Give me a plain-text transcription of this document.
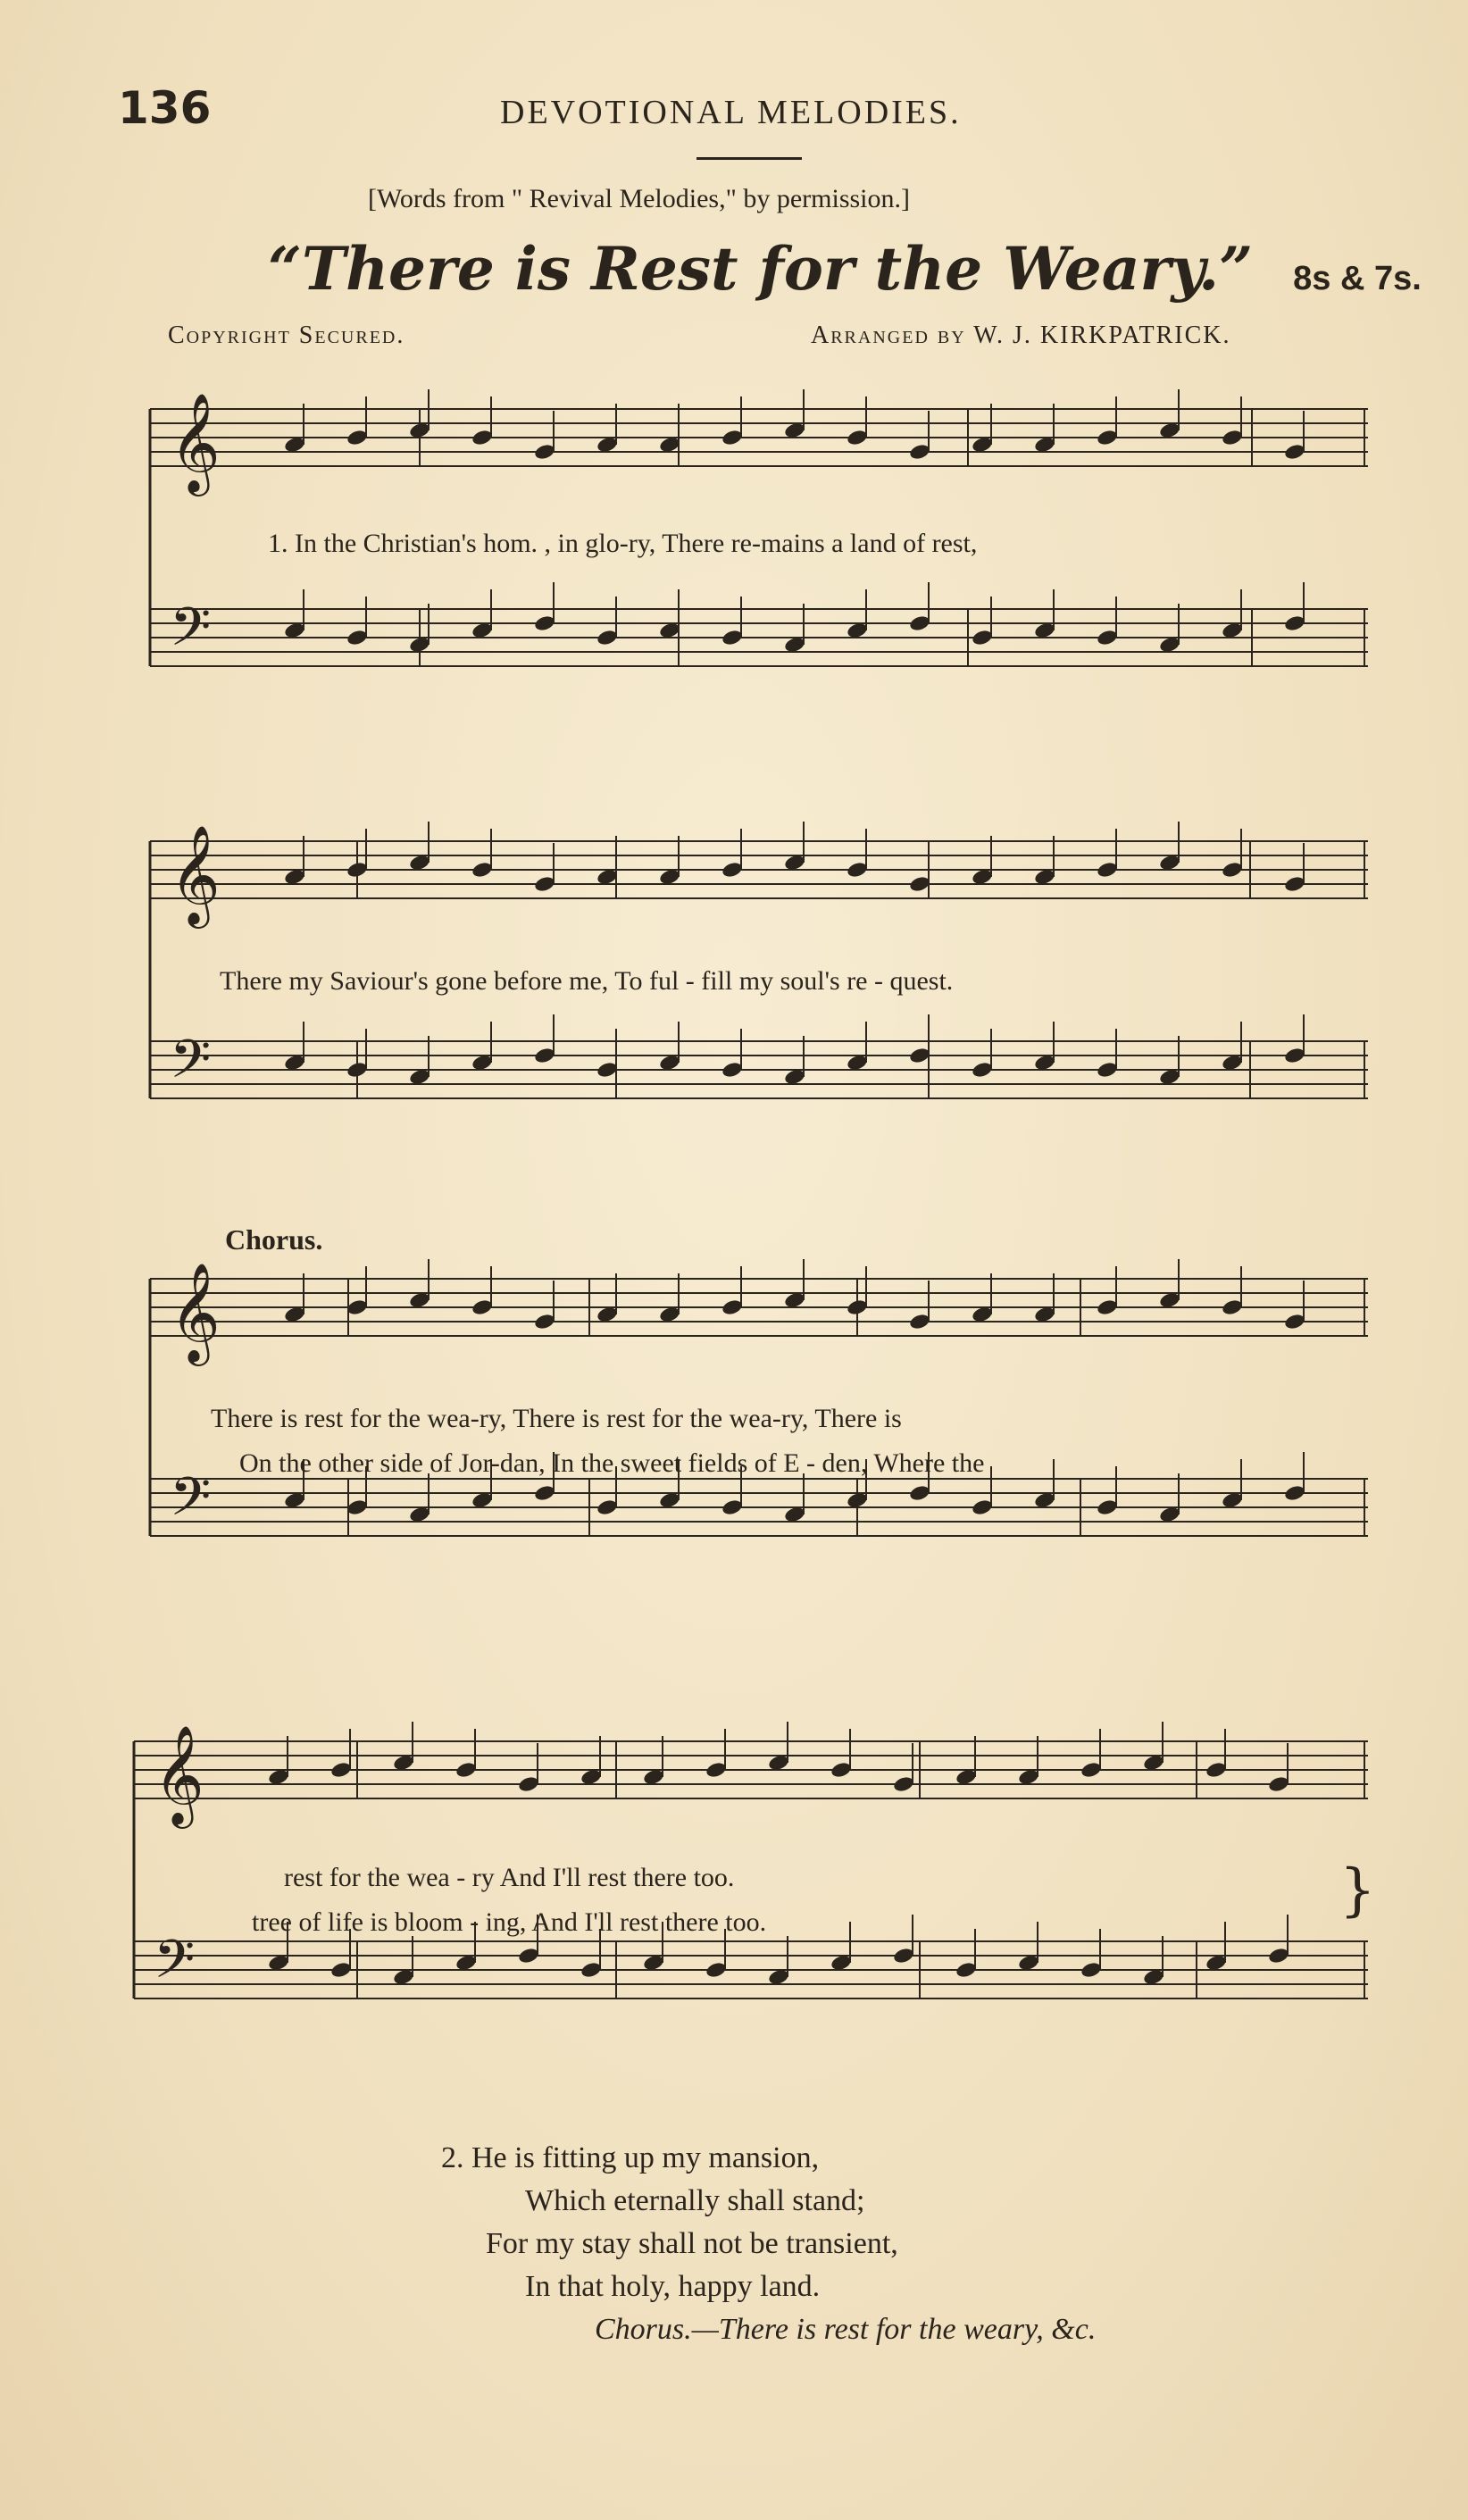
136	DEVOTIONAL MELODIES.
[Words from " Revival Melodies," by permission.]
“There is Rest for the Weary.” 8s & 7s.
Copyright Secured.	Arranged by W. J. KIRKPATRICK.
𝄞
𝄢
𝄞
𝄢
𝄞
𝄢
𝄞
𝄢
1. In the Christian's hom. , in glo-ry, There re-mains a land of rest,
There my Saviour's gone before me, To ful - fill my soul's re - quest.
Chorus.
There is rest for the wea-ry, There is rest for the wea-ry, There is
On the other side of Jor-dan, In the sweet fields of E - den, Where the
rest for the wea - ry And I'll rest there too.
tree of life is bloom - ing, And I'll rest there too.	}
2. He is fitting up my mansion,
Which eternally shall stand;
For my stay shall not be transient,
In that holy, happy land.
Chorus.—There is rest for the weary, &c.
